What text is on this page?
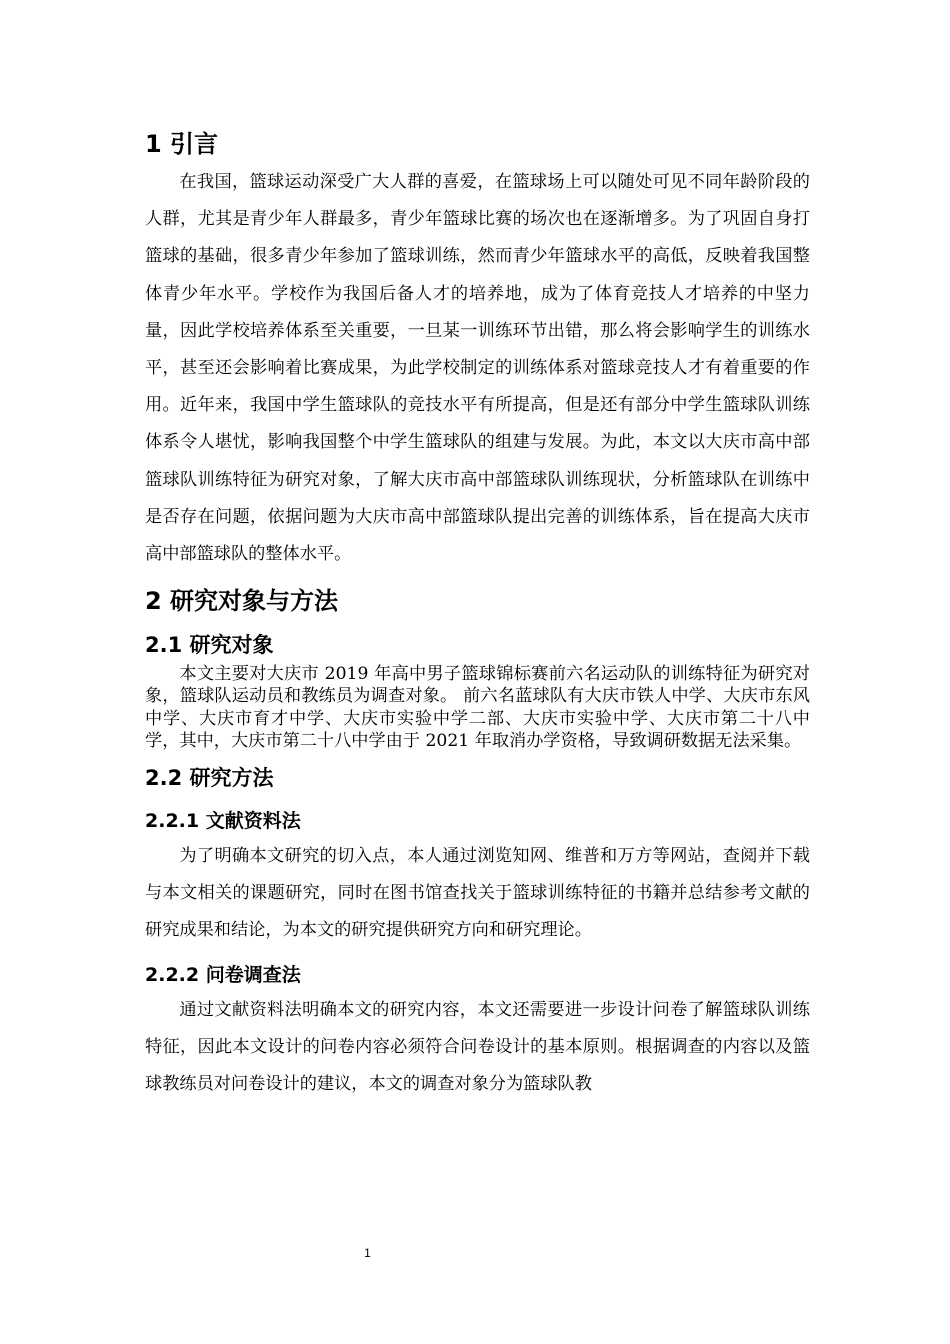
1 引言

在我国，篮球运动深受广大人群的喜爱，在篮球场上可以随处可见不同年龄阶段的人群，尤其是青少年人群最多，青少年篮球比赛的场次也在逐渐增多。为了巩固自身打篮球的基础，很多青少年参加了篮球训练，然而青少年篮球水平的高低，反映着我国整体青少年水平。学校作为我国后备人才的培养地，成为了体育竞技人才培养的中坚力量，因此学校培养体系至关重要，一旦某一训练环节出错，那么将会影响学生的训练水平，甚至还会影响着比赛成果，为此学校制定的训练体系对篮球竞技人才有着重要的作用。近年来，我国中学生篮球队的竞技水平有所提高，但是还有部分中学生篮球队训练体系令人堪忧，影响我国整个中学生篮球队的组建与发展。为此，本文以大庆市高中部篮球队训练特征为研究对象，了解大庆市高中部篮球队训练现状，分析篮球队在训练中是否存在问题，依据问题为大庆市高中部篮球队提出完善的训练体系，旨在提高大庆市高中部篮球队的整体水平。

2 研究对象与方法
2.1 研究对象

本文主要对大庆市 2019 年高中男子篮球锦标赛前六名运动队的训练特征为研究对象，篮球队运动员和教练员为调查对象。 前六名蓝球队有大庆市铁人中学、大庆市东风中学、大庆市育才中学、大庆市实验中学二部、大庆市实验中学、大庆市第二十八中学，其中，大庆市第二十八中学由于 2021 年取消办学资格，导致调研数据无法采集。

2.2 研究方法
2.2.1 文献资料法

为了明确本文研究的切入点，本人通过浏览知网、维普和万方等网站，查阅并下载与本文相关的课题研究，同时在图书馆查找关于篮球训练特征的书籍并总结参考文献的研究成果和结论，为本文的研究提供研究方向和研究理论。

2.2.2 问卷调查法

通过文献资料法明确本文的研究内容，本文还需要进一步设计问卷了解篮球队训练特征，因此本文设计的问卷内容必须符合问卷设计的基本原则。根据调查的内容以及篮球教练员对问卷设计的建议，本文的调查对象分为篮球队教

1
